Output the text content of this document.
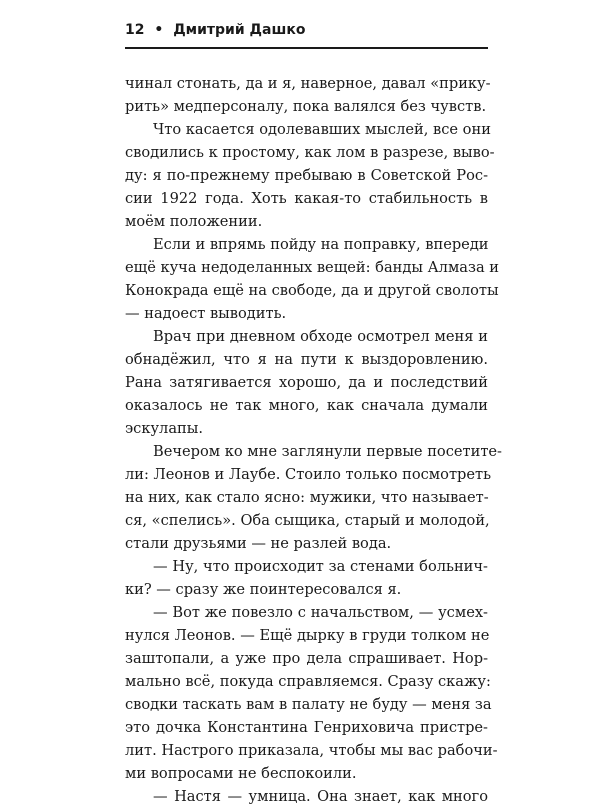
12 • Дмитрий Дашко
чинал стонать, да и я, наверное, давал «прику-
рить» медперсоналу, пока валялся без чувств.
Что касается одолевавших мыслей, все они
сводились к простому, как лом в разрезе, выво-
ду: я по-прежнему пребываю в Советской Рос-
сии 1922 года. Хоть какая-то стабильность в
моём положении.
Если и впрямь пойду на поправку, впереди
ещё куча недоделанных вещей: банды Алмаза и
Конокрада ещё на свободе, да и другой сволоты
— надоест выводить.
Врач при дневном обходе осмотрел меня и
обнадёжил, что я на пути к выздоровлению.
Рана затягивается хорошо, да и последствий
оказалось не так много, как сначала думали
эскулапы.
Вечером ко мне заглянули первые посетите-
ли: Леонов и Лаубе. Стоило только посмотреть
на них, как стало ясно: мужики, что называет-
ся, «спелись». Оба сыщика, старый и молодой,
стали друзьями — не разлей вода.
— Ну, что происходит за стенами больнич-
ки? — сразу же поинтересовался я.
— Вот же повезло с начальством, — усмех-
нулся Леонов. — Ещё дырку в груди толком не
заштопали, а уже про дела спрашивает. Нор-
мально всё, покуда справляемся. Сразу скажу:
сводки таскать вам в палату не буду — меня за
это дочка Константина Генриховича пристре-
лит. Настрого приказала, чтобы мы вас рабочи-
ми вопросами не беспокоили.
— Настя — умница. Она знает, как много
